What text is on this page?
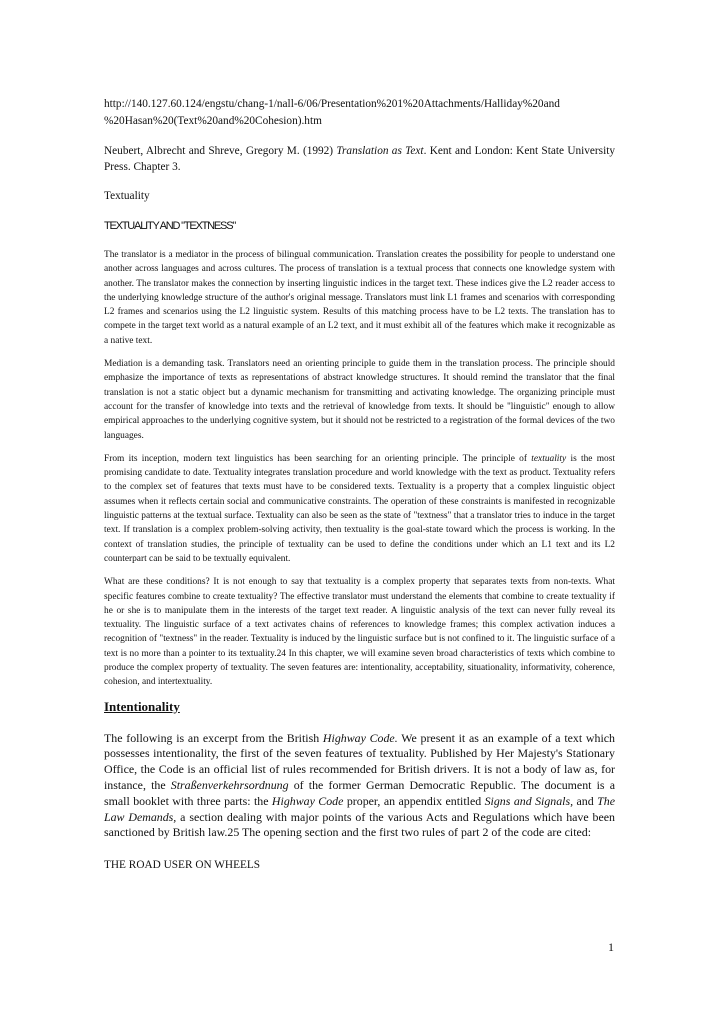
http://140.127.60.124/engstu/chang-1/nall-6/06/Presentation%201%20Attachments/Halliday%20and %20Hasan%20(Text%20and%20Cohesion).htm

Neubert, Albrecht and Shreve, Gregory M. (1992) Translation as Text. Kent and London: Kent State University Press. Chapter 3.

Textuality

TEXTUALITY AND "TEXTNESS"

The translator is a mediator in the process of bilingual communication. Translation creates the possibility for people to understand one another across languages and across cultures. The process of translation is a textual process that connects one knowledge system with another. The translator makes the connection by inserting linguistic indices in the target text. These indices give the L2 reader access to the underlying knowledge structure of the author's original message. Translators must link L1 frames and scenarios with corresponding L2 frames and scenarios using the L2 linguistic system. Results of this matching process have to be L2 texts. The translation has to compete in the target text world as a natural example of an L2 text, and it must exhibit all of the features which make it recognizable as a native text.

Mediation is a demanding task. Translators need an orienting principle to guide them in the translation process. The principle should emphasize the importance of texts as representations of abstract knowledge structures. It should remind the translator that the final translation is not a static object but a dynamic mechanism for transmitting and activating knowledge. The organizing principle must account for the transfer of knowledge into texts and the retrieval of knowledge from texts. It should be "linguistic" enough to allow empirical approaches to the underlying cognitive system, but it should not be restricted to a registration of the formal devices of the two languages.

From its inception, modern text linguistics has been searching for an orienting principle. The principle of textuality is the most promising candidate to date. Textuality integrates translation procedure and world knowledge with the text as product. Textuality refers to the complex set of features that texts must have to be considered texts. Textuality is a property that a complex linguistic object assumes when it reflects certain social and communicative constraints. The operation of these constraints is manifested in recognizable linguistic patterns at the textual surface. Textuality can also be seen as the state of "textness" that a translator tries to induce in the target text. If translation is a complex problem-solving activity, then textuality is the goal-state toward which the process is working. In the context of translation studies, the principle of textuality can be used to define the conditions under which an L1 text and its L2 counterpart can be said to be textually equivalent.

What are these conditions? It is not enough to say that textuality is a complex property that separates texts from non-texts. What specific features combine to create textuality? The effective translator must understand the elements that combine to create textuality if he or she is to manipulate them in the interests of the target text reader. A linguistic analysis of the text can never fully reveal its textuality. The linguistic surface of a text activates chains of references to knowledge frames; this complex activation induces a recognition of "textness" in the reader. Textuality is induced by the linguistic surface but is not confined to it. The linguistic surface of a text is no more than a pointer to its textuality.24 In this chapter, we will examine seven broad characteristics of texts which combine to produce the complex property of textuality. The seven features are: intentionality, acceptability, situationality, informativity, coherence, cohesion, and intertextuality.

Intentionality

The following is an excerpt from the British Highway Code. We present it as an example of a text which possesses intentionality, the first of the seven features of textuality. Published by Her Majesty's Stationary Office, the Code is an official list of rules recommended for British drivers. It is not a body of law as, for instance, the Straßenverkehrsordnung of the former German Democratic Republic. The document is a small booklet with three parts: the Highway Code proper, an appendix entitled Signs and Signals, and The Law Demands, a section dealing with major points of the various Acts and Regulations which have been sanctioned by British law.25 The opening section and the first two rules of part 2 of the code are cited:

THE ROAD USER ON WHEELS

1
